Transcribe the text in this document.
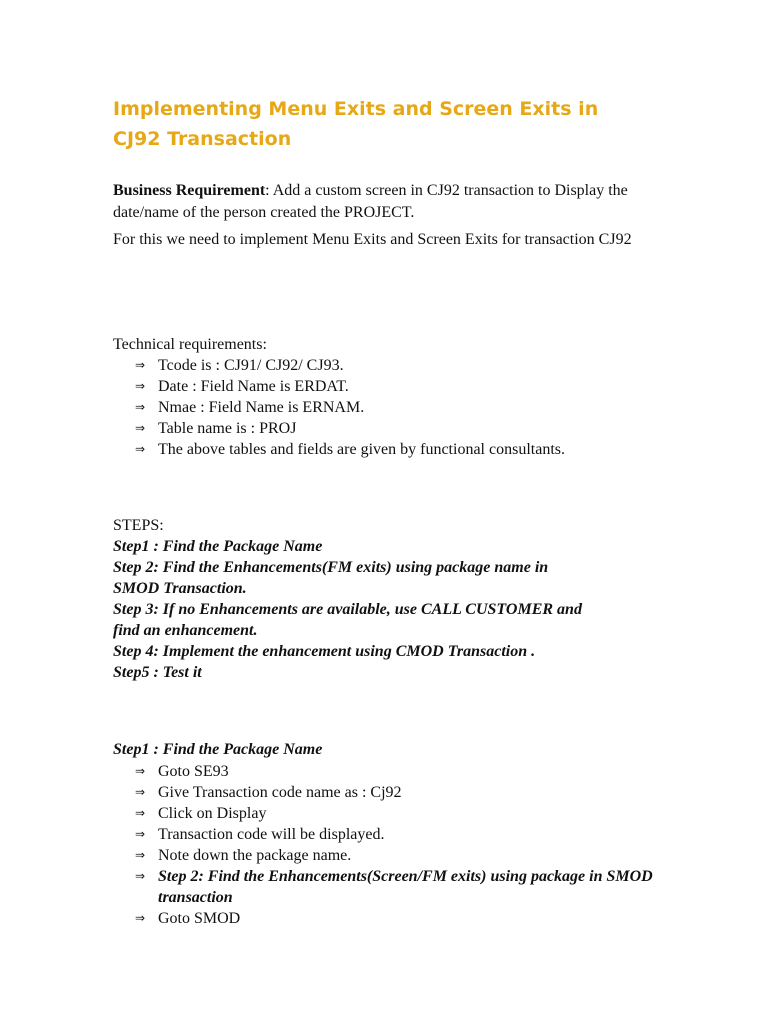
Implementing Menu Exits and Screen Exits in
CJ92 Transaction

Business Requirement: Add a custom screen in CJ92 transaction to Display the date/name of the person created the PROJECT.

For this we need to implement Menu Exits and Screen Exits for transaction CJ92

Technical requirements:

⇒ Tcode is : CJ91/ CJ92/ CJ93.
⇒ Date : Field Name is ERDAT.
⇒ Nmae : Field Name is ERNAM.
⇒ Table name is : PROJ
⇒ The above tables and fields are given by functional consultants.
STEPS:
Step1 : Find the Package Name
Step 2: Find the Enhancements(FM exits) using package name in
SMOD Transaction.
Step 3: If no Enhancements are available, use CALL CUSTOMER and
find an enhancement.
Step 4: Implement the enhancement using CMOD Transaction .
Step5 : Test it

Step1 : Find the Package Name

⇒ Goto SE93
⇒ Give Transaction code name as : Cj92
⇒ Click on Display
⇒ Transaction code will be displayed.
⇒ Note down the package name.
⇒ Step 2: Find the Enhancements(Screen/FM exits) using package in SMOD transaction
⇒ Goto SMOD
